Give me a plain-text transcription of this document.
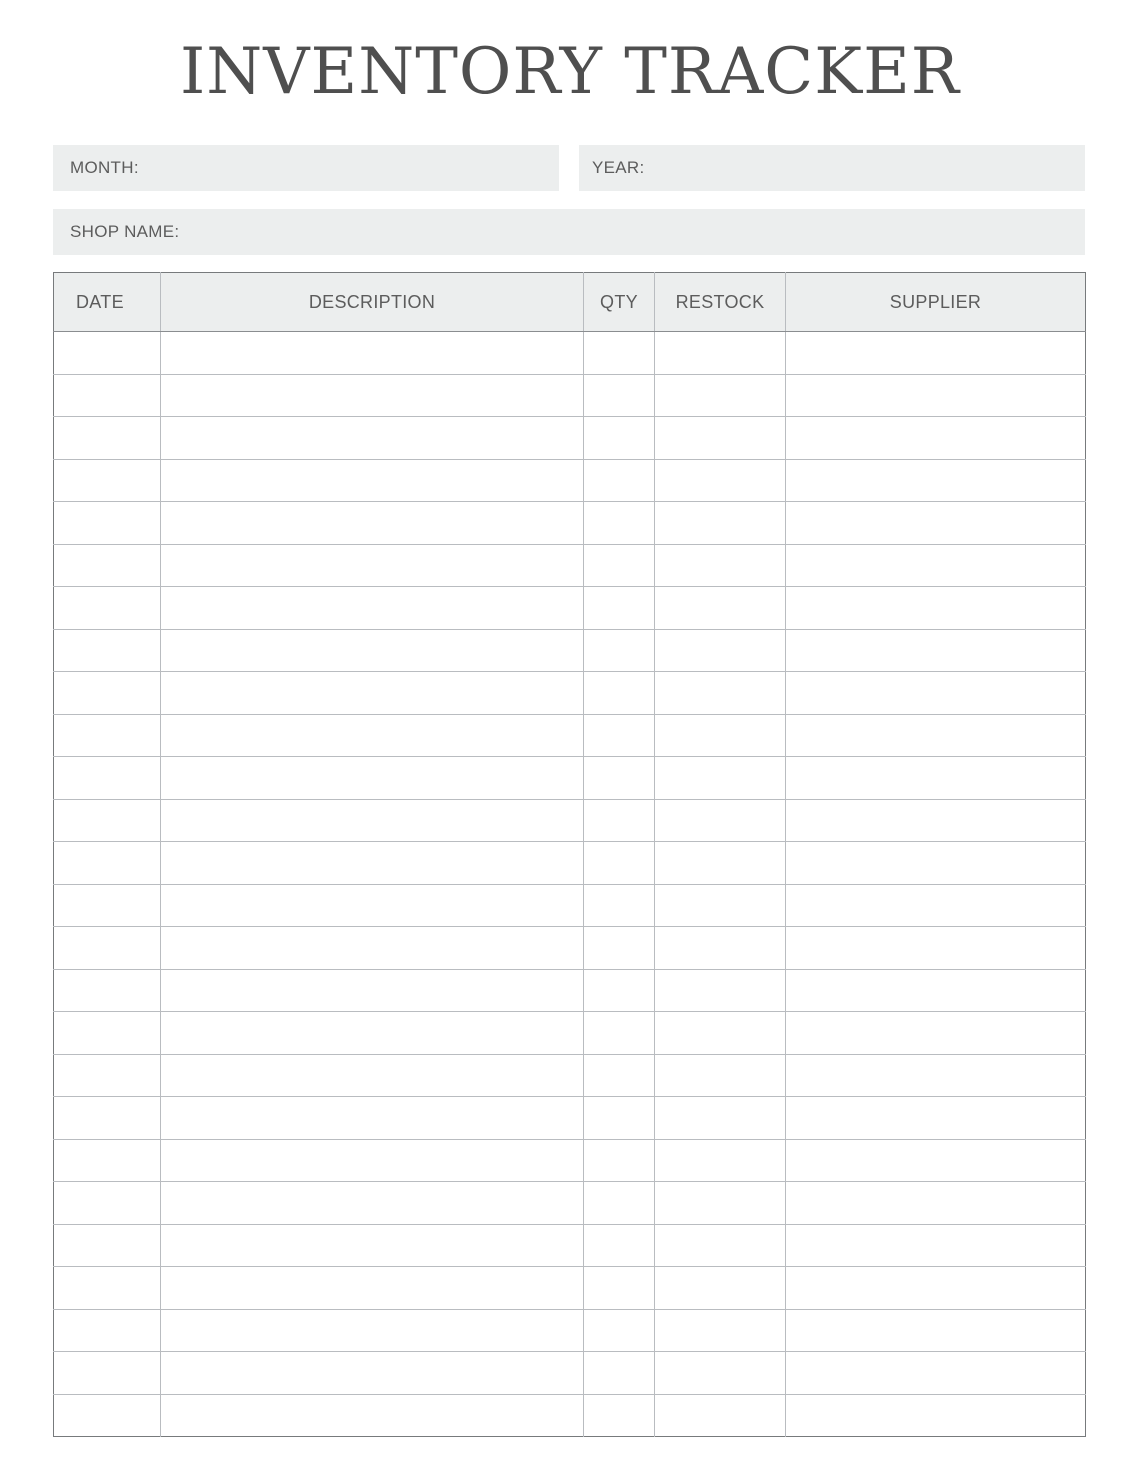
INVENTORY TRACKER
MONTH:	YEAR:
SHOP NAME:
DATE	DESCRIPTION	QTY	RESTOCK	SUPPLIER
